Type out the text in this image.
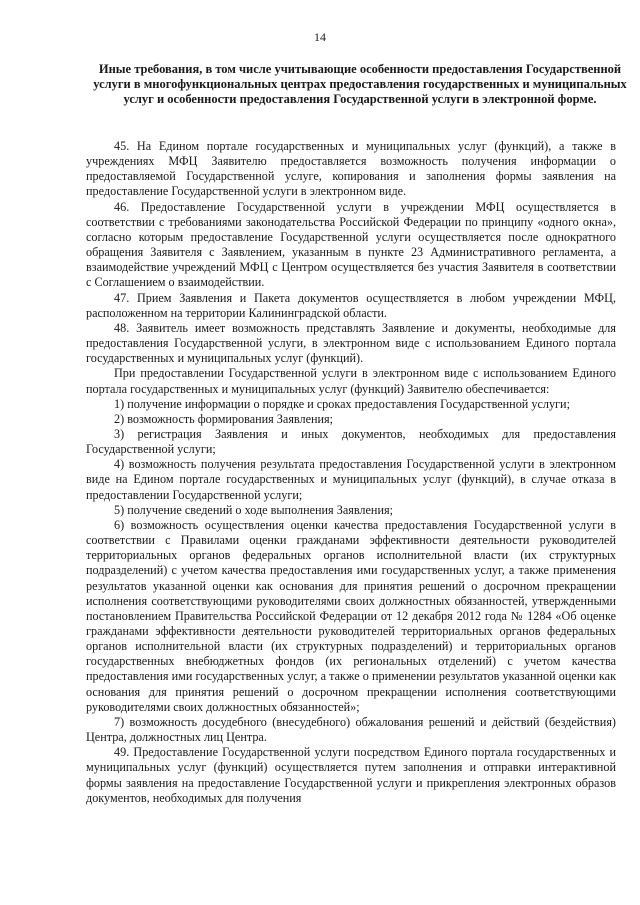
14
Иные требования, в том числе учитывающие особенности предоставления Государственной услуги в многофункциональных центрах предоставления государственных и муниципальных услуг и особенности предоставления Государственной услуги в электронной форме.

45. На Едином портале государственных и муниципальных услуг (функций), а также в учреждениях МФЦ Заявителю предоставляется возможность получения информации о предоставляемой Государственной услуге, копирования и заполнения формы заявления на предоставление Государственной услуги в электронном виде.

46. Предоставление Государственной услуги в учреждении МФЦ осуществляется в соответствии с требованиями законодательства Российской Федерации по принципу «одного окна», согласно которым предоставление Государственной услуги осуществляется после однократного обращения Заявителя с Заявлением, указанным в пункте 23 Административного регламента, а взаимодействие учреждений МФЦ с Центром осуществляется без участия Заявителя в соответствии с Соглашением о взаимодействии.

47. Прием Заявления и Пакета документов осуществляется в любом учреждении МФЦ, расположенном на территории Калининградской области.

48. Заявитель имеет возможность представлять Заявление и документы, необходимые для предоставления Государственной услуги, в электронном виде с использованием Единого портала государственных и муниципальных услуг (функций).

При предоставлении Государственной услуги в электронном виде с использованием Единого портала государственных и муниципальных услуг (функций) Заявителю обеспечивается:

1) получение информации о порядке и сроках предоставления Государственной услуги;

2) возможность формирования Заявления;

3) регистрация Заявления и иных документов, необходимых для предоставления Государственной услуги;

4) возможность получения результата предоставления Государственной услуги в электронном виде на Едином портале государственных и муниципальных услуг (функций), в случае отказа в предоставлении Государственной услуги;

5) получение сведений о ходе выполнения Заявления;

6) возможность осуществления оценки качества предоставления Государственной услуги в соответствии с Правилами оценки гражданами эффективности деятельности руководителей территориальных органов федеральных органов исполнительной власти (их структурных подразделений) с учетом качества предоставления ими государственных услуг, а также применения результатов указанной оценки как основания для принятия решений о досрочном прекращении исполнения соответствующими руководителями своих должностных обязанностей, утвержденными постановлением Правительства Российской Федерации от 12 декабря 2012 года № 1284 «Об оценке гражданами эффективности деятельности руководителей территориальных органов федеральных органов исполнительной власти (их структурных подразделений) и территориальных органов государственных внебюджетных фондов (их региональных отделений) с учетом качества предоставления ими государственных услуг, а также о применении результатов указанной оценки как основания для принятия решений о досрочном прекращении исполнения соответствующими руководителями своих должностных обязанностей»;

7) возможность досудебного (внесудебного) обжалования решений и действий (бездействия) Центра, должностных лиц Центра.

49. Предоставление Государственной услуги посредством Единого портала государственных и муниципальных услуг (функций) осуществляется путем заполнения и отправки интерактивной формы заявления на предоставление Государственной услуги и прикрепления электронных образов документов, необходимых для получения
